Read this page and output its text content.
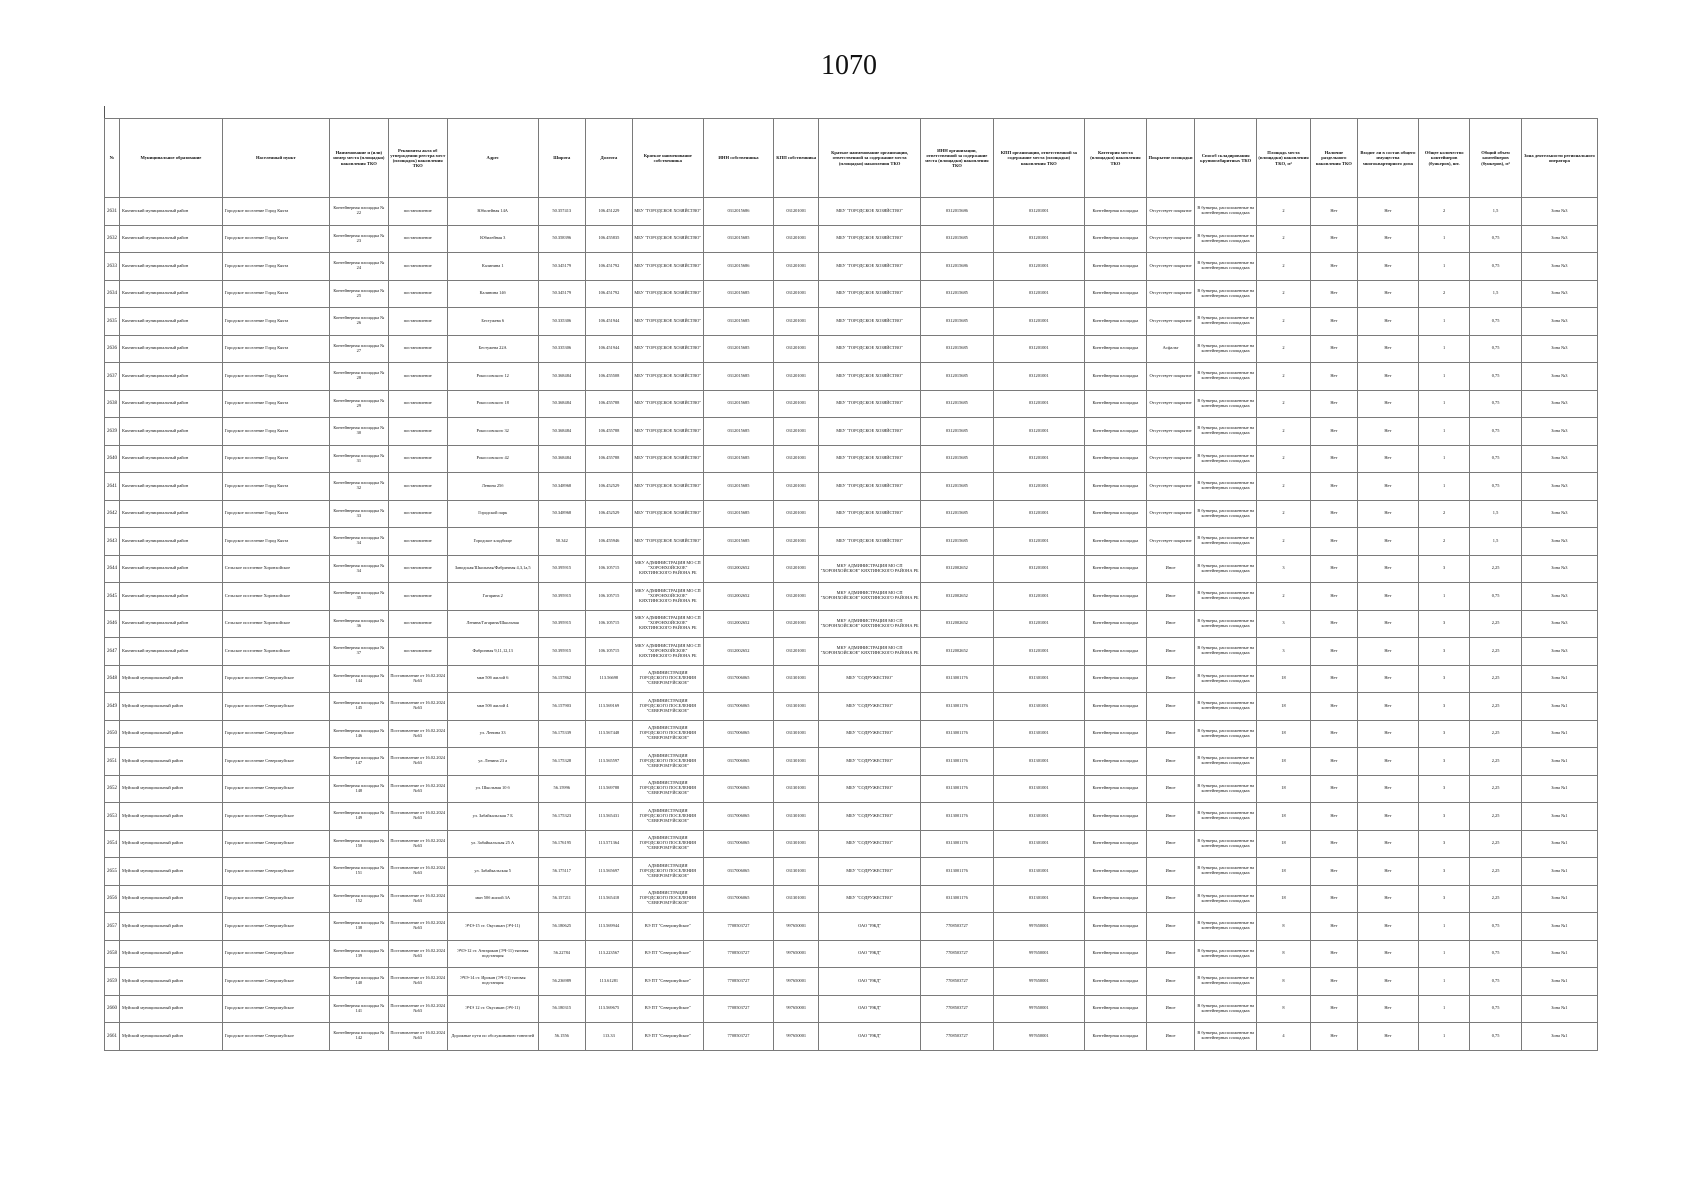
1070
№	Муниципальное образование	Населенный пункт	Наименование и (или) номер места (площадки) накопления ТКО	Реквизиты акта об утверждении реестра мест (площадок) накопления ТКО	Адрес	Широта	Долгота	Краткое наименование собственника	ИНН собственника	КПП собственника	Краткое наименование организации, ответственной за содержание места (площадки) накопления ТКО	ИНН организации, ответственной за содержание места (площадки) накопления ТКО	КПП организации, ответственной за содержание места (площадки) накопления ТКО	Категория места (площадки) накопления ТКО	Покрытие площадки	Способ складирования крупногабаритных ТКО	Площадь места (площадки) накопления ТКО, м²	Наличие раздельного накопления ТКО	Входит ли в состав общего имущества многоквартирного дома	Общее количество контейнеров (бункеров), шт.	Общий объем контейнеров (бункеров), м³	Зона деятельности регионального оператора
2631	Кяхтинский муниципальный район	Городское поселение Город Кяхта	Контейнерная площадка № 22	постановление	Юбилейная 14А	50.357413	106.451229	МБУ "ГОРОДСКОЕ ХОЗЯЙСТВО"	0312015686	031201001	МБУ "ГОРОДСКОЕ ХОЗЯЙСТВО"	0312015686	031201001	Контейнерная площадка	Отсутствует покрытие	В бункеры, расположенные на контейнерных площадках	2	Нет	Нет	2	1,5	Зона №3
2632	Кяхтинский муниципальный район	Городское поселение Город Кяхта	Контейнерная площадка № 23	постановление	Юбилейная 3	50.358396	106.455835	МБУ "ГОРОДСКОЕ ХОЗЯЙСТВО"	0312015685	031201001	МБУ "ГОРОДСКОЕ ХОЗЯЙСТВО"	0312015685	031201001	Контейнерная площадка	Отсутствует покрытие	В бункеры, расположенные на контейнерных площадках	2	Нет	Нет	1	0,75	Зона №3
2633	Кяхтинский муниципальный район	Городское поселение Город Кяхта	Контейнерная площадка № 24	постановление	Калинина 1	50.345179	106.451792	МБУ "ГОРОДСКОЕ ХОЗЯЙСТВО"	0312015686	031201001	МБУ "ГОРОДСКОЕ ХОЗЯЙСТВО"	0312015686	031201001	Контейнерная площадка	Отсутствует покрытие	В бункеры, расположенные на контейнерных площадках	2	Нет	Нет	1	0,75	Зона №3
2634	Кяхтинский муниципальный район	Городское поселение Город Кяхта	Контейнерная площадка № 25	постановление	Калинина 14б	50.345179	106.451792	МБУ "ГОРОДСКОЕ ХОЗЯЙСТВО"	0312015685	031201001	МБУ "ГОРОДСКОЕ ХОЗЯЙСТВО"	0312015685	031201001	Контейнерная площадка	Отсутствует покрытие	В бункеры, расположенные на контейнерных площадках	2	Нет	Нет	2	1,5	Зона №3
2635	Кяхтинский муниципальный район	Городское поселение Город Кяхта	Контейнерная площадка № 26	постановление	Бестужева 6	50.335306	106.451944	МБУ "ГОРОДСКОЕ ХОЗЯЙСТВО"	0312015685	031201001	МБУ "ГОРОДСКОЕ ХОЗЯЙСТВО"	0312015685	031201001	Контейнерная площадка	Отсутствует покрытие	В бункеры, расположенные на контейнерных площадках	2	Нет	Нет	1	0,75	Зона №3
2636	Кяхтинский муниципальный район	Городское поселение Город Кяхта	Контейнерная площадка № 27	постановление	Бестужева 22А	50.335306	106.451944	МБУ "ГОРОДСКОЕ ХОЗЯЙСТВО"	0312015685	031201001	МБУ "ГОРОДСКОЕ ХОЗЯЙСТВО"	0312015685	031201001	Контейнерная площадка	Асфальт	В бункеры, расположенные на контейнерных площадках	2	Нет	Нет	1	0,75	Зона №3
2637	Кяхтинский муниципальный район	Городское поселение Город Кяхта	Контейнерная площадка № 28	постановление	Рокоссовского 12	50.368484	106.455508	МБУ "ГОРОДСКОЕ ХОЗЯЙСТВО"	0312015685	031201001	МБУ "ГОРОДСКОЕ ХОЗЯЙСТВО"	0312015685	031201001	Контейнерная площадка	Отсутствует покрытие	В бункеры, расположенные на контейнерных площадках	2	Нет	Нет	1	0,75	Зона №3
2638	Кяхтинский муниципальный район	Городское поселение Город Кяхта	Контейнерная площадка № 29	постановление	Рокоссовского 18	50.368484	106.455788	МБУ "ГОРОДСКОЕ ХОЗЯЙСТВО"	0312015685	031201001	МБУ "ГОРОДСКОЕ ХОЗЯЙСТВО"	0312015685	031201001	Контейнерная площадка	Отсутствует покрытие	В бункеры, расположенные на контейнерных площадках	2	Нет	Нет	1	0,75	Зона №3
2639	Кяхтинский муниципальный район	Городское поселение Город Кяхта	Контейнерная площадка № 30	постановление	Рокоссовского 32	50.368484	106.455788	МБУ "ГОРОДСКОЕ ХОЗЯЙСТВО"	0312015685	031201001	МБУ "ГОРОДСКОЕ ХОЗЯЙСТВО"	0312015685	031201001	Контейнерная площадка	Отсутствует покрытие	В бункеры, расположенные на контейнерных площадках	2	Нет	Нет	1	0,75	Зона №3
2640	Кяхтинский муниципальный район	Городское поселение Город Кяхта	Контейнерная площадка № 31	постановление	Рокоссовского 42	50.368484	106.455788	МБУ "ГОРОДСКОЕ ХОЗЯЙСТВО"	0312015685	031201001	МБУ "ГОРОДСКОЕ ХОЗЯЙСТВО"	0312015685	031201001	Контейнерная площадка	Отсутствует покрытие	В бункеры, расположенные на контейнерных площадках	2	Нет	Нет	1	0,75	Зона №3
2641	Кяхтинский муниципальный район	Городское поселение Город Кяхта	Контейнерная площадка № 32	постановление	Ленина 25б	50.348968	106.452529	МБУ "ГОРОДСКОЕ ХОЗЯЙСТВО"	0312015685	031201001	МБУ "ГОРОДСКОЕ ХОЗЯЙСТВО"	0312015685	031201001	Контейнерная площадка	Отсутствует покрытие	В бункеры, расположенные на контейнерных площадках	2	Нет	Нет	1	0,75	Зона №3
2642	Кяхтинский муниципальный район	Городское поселение Город Кяхта	Контейнерная площадка № 33	постановление	Городской парк	50.348968	106.452529	МБУ "ГОРОДСКОЕ ХОЗЯЙСТВО"	0312015685	031201001	МБУ "ГОРОДСКОЕ ХОЗЯЙСТВО"	0312015685	031201001	Контейнерная площадка	Отсутствует покрытие	В бункеры, расположенные на контейнерных площадках	2	Нет	Нет	2	1,5	Зона №3
2643	Кяхтинский муниципальный район	Городское поселение Город Кяхта	Контейнерная площадка № 34	постановление	Городское кладбище	50.342	106.455946	МБУ "ГОРОДСКОЕ ХОЗЯЙСТВО"	0312015685	031201001	МБУ "ГОРОДСКОЕ ХОЗЯЙСТВО"	0312015685	031201001	Контейнерная площадка	Отсутствует покрытие	В бункеры, расположенные на контейнерных площадках	2	Нет	Нет	2	1,5	Зона №3
2644	Кяхтинский муниципальный район	Сельское поселение Хоронхойское	Контейнерная площадка № 34	постановление	Заводская/Школьная/Фабричная 4,3,1а,5	50.395915	106.105715	МКУ АДМИНИСТРАЦИЯ МО СП "ХОРОНХОЙСКОЕ" КЯХТИНСКОГО РАЙОНА РБ	0312002652	031201001	МКУ АДМИНИСТРАЦИЯ МО СП "ХОРОНХОЙСКОЕ" КЯХТИНСКОГО РАЙОНА РБ	0312002652	031201001	Контейнерная площадка	Иное	В бункеры, расположенные на контейнерных площадках	3	Нет	Нет	3	2,25	Зона №3
2645	Кяхтинский муниципальный район	Сельское поселение Хоронхойское	Контейнерная площадка № 35	постановление	Гагарина 2	50.395915	106.105715	МКУ АДМИНИСТРАЦИЯ МО СП "ХОРОНХОЙСКОЕ" КЯХТИНСКОГО РАЙОНА РБ	0312002652	031201001	МКУ АДМИНИСТРАЦИЯ МО СП "ХОРОНХОЙСКОЕ" КЯХТИНСКОГО РАЙОНА РБ	0312002652	031201001	Контейнерная площадка	Иное	В бункеры, расположенные на контейнерных площадках	2	Нет	Нет	1	0,75	Зона №3
2646	Кяхтинский муниципальный район	Сельское поселение Хоронхойское	Контейнерная площадка № 36	постановление	Ленина/Гагарина/Школьная	50.395915	106.105715	МКУ АДМИНИСТРАЦИЯ МО СП "ХОРОНХОЙСКОЕ" КЯХТИНСКОГО РАЙОНА РБ	0312002652	031201001	МКУ АДМИНИСТРАЦИЯ МО СП "ХОРОНХОЙСКОЕ" КЯХТИНСКОГО РАЙОНА РБ	0312002652	031201001	Контейнерная площадка	Иное	В бункеры, расположенные на контейнерных площадках	3	Нет	Нет	3	2,25	Зона №3
2647	Кяхтинский муниципальный район	Сельское поселение Хоронхойское	Контейнерная площадка № 37	постановление	Фабричная 9,11,12,13	50.395915	106.105715	МКУ АДМИНИСТРАЦИЯ МО СП "ХОРОНХОЙСКОЕ" КЯХТИНСКОГО РАЙОНА РБ	0312002652	031201001	МКУ АДМИНИСТРАЦИЯ МО СП "ХОРОНХОЙСКОЕ" КЯХТИНСКОГО РАЙОНА РБ	0312002652	031201001	Контейнерная площадка	Иное	В бункеры, расположенные на контейнерных площадках	3	Нет	Нет	3	2,25	Зона №3
2648	Муйский муниципальный район	Городское поселение Северомуйское	Контейнерная площадка № 144	Постановление от 16.02.2024 №63	мкн 50б жилой 6	56.157862	113.56698	АДМИНИСТРАЦИЯ ГОРОДСКОГО ПОСЕЛЕНИЯ "СЕВЕРОМУЙСКОЕ"	0317006065	031301001	МБУ "СОДРУЖЕСТВО"	0313001176	031301001	Контейнерная площадка	Иное	В бункеры, расположенные на контейнерных площадках	18	Нет	Нет	3	2,25	Зона №1
2649	Муйский муниципальный район	Городское поселение Северомуйское	Контейнерная площадка № 145	Постановление от 16.02.2024 №63	мкн 50б жилой 4	56.157903	113.569169	АДМИНИСТРАЦИЯ ГОРОДСКОГО ПОСЕЛЕНИЯ "СЕВЕРОМУЙСКОЕ"	0317006065	031301001	МБУ "СОДРУЖЕСТВО"	0313001176	031301001	Контейнерная площадка	Иное	В бункеры, расположенные на контейнерных площадках	18	Нет	Нет	3	2,25	Зона №1
2650	Муйский муниципальный район	Городское поселение Северомуйское	Контейнерная площадка № 146	Постановление от 16.02.2024 №63	ул. Ленина 33	56.175339	113.567448	АДМИНИСТРАЦИЯ ГОРОДСКОГО ПОСЕЛЕНИЯ "СЕВЕРОМУЙСКОЕ"	0317006065	031301001	МБУ "СОДРУЖЕСТВО"	0313001176	031301001	Контейнерная площадка	Иное	В бункеры, расположенные на контейнерных площадках	18	Нет	Нет	3	2,25	Зона №1
2651	Муйский муниципальный район	Городское поселение Северомуйское	Контейнерная площадка № 147	Постановление от 16.02.2024 №63	ул. Ленина 23 а	56.175328	113.565597	АДМИНИСТРАЦИЯ ГОРОДСКОГО ПОСЕЛЕНИЯ "СЕВЕРОМУЙСКОЕ"	0317006065	031301001	МБУ "СОДРУЖЕСТВО"	0313001176	031301001	Контейнерная площадка	Иное	В бункеры, расположенные на контейнерных площадках	18	Нет	Нет	3	2,25	Зона №1
2652	Муйский муниципальный район	Городское поселение Северомуйское	Контейнерная площадка № 148	Постановление от 16.02.2024 №63	ул. Школьная 10 б	56.15996	113.569788	АДМИНИСТРАЦИЯ ГОРОДСКОГО ПОСЕЛЕНИЯ "СЕВЕРОМУЙСКОЕ"	0317006065	031301001	МБУ "СОДРУЖЕСТВО"	0313001176	031301001	Контейнерная площадка	Иное	В бункеры, расположенные на контейнерных площадках	18	Нет	Нет	3	2,25	Зона №1
2653	Муйский муниципальный район	Городское поселение Северомуйское	Контейнерная площадка № 149	Постановление от 16.02.2024 №63	ул. Забайкальская 7 Б	56.175323	113.565431	АДМИНИСТРАЦИЯ ГОРОДСКОГО ПОСЕЛЕНИЯ "СЕВЕРОМУЙСКОЕ"	0317006065	031301001	МБУ "СОДРУЖЕСТВО"	0313001176	031301001	Контейнерная площадка	Иное	В бункеры, расположенные на контейнерных площадках	18	Нет	Нет	3	2,25	Зона №1
2654	Муйский муниципальный район	Городское поселение Северомуйское	Контейнерная площадка № 150	Постановление от 16.02.2024 №63	ул. Забайкальская 25 А	56.176195	113.571364	АДМИНИСТРАЦИЯ ГОРОДСКОГО ПОСЕЛЕНИЯ "СЕВЕРОМУЙСКОЕ"	0317006065	031301001	МБУ "СОДРУЖЕСТВО"	0313001176	031301001	Контейнерная площадка	Иное	В бункеры, расположенные на контейнерных площадках	18	Нет	Нет	3	2,25	Зона №1
2655	Муйский муниципальный район	Городское поселение Северомуйское	Контейнерная площадка № 151	Постановление от 16.02.2024 №63	ул. Забайкальская 5	56.175117	113.565697	АДМИНИСТРАЦИЯ ГОРОДСКОГО ПОСЕЛЕНИЯ "СЕВЕРОМУЙСКОЕ"	0317006065	031301001	МБУ "СОДРУЖЕСТВО"	0313001176	031301001	Контейнерная площадка	Иное	В бункеры, расположенные на контейнерных площадках	18	Нет	Нет	3	2,25	Зона №1
2656	Муйский муниципальный район	Городское поселение Северомуйское	Контейнерная площадка № 152	Постановление от 16.02.2024 №63	мкн 50б жилой 3А	56.157211	113.565418	АДМИНИСТРАЦИЯ ГОРОДСКОГО ПОСЕЛЕНИЯ "СЕВЕРОМУЙСКОЕ"	0317006065	031301001	МБУ "СОДРУЖЕСТВО"	0313001176	031301001	Контейнерная площадка	Иное	В бункеры, расположенные на контейнерных площадках	18	Нет	Нет	3	2,25	Зона №1
2657	Муйский муниципальный район	Городское поселение Северомуйское	Контейнерная площадка № 138	Постановление от 16.02.2024 №63	ЭЧЭ-15 ст. Окусикан (ЭЧ-11)	56.180625	113.569944	ВЭ ПТ "Северомуйское"	7708503727	997650001	ОАО "РЖД"	7708503727	997650001	Контейнерная площадка	Иное	В бункеры, расположенные на контейнерных площадках	8	Нет	Нет	1	0,75	Зона №1
2658	Муйский муниципальный район	Городское поселение Северомуйское	Контейнерная площадка № 139	Постановление от 16.02.2024 №63	ЭЧЭ-12 ст. Ангаракан (ЭЧ-11) тяговая подстанция	56.22784	113.223567	ВЭ ПТ "Северомуйское"	7708503727	997650001	ОАО "РЖД"	7708503727	997650001	Контейнерная площадка	Иное	В бункеры, расположенные на контейнерных площадках	8	Нет	Нет	1	0,75	Зона №1
2659	Муйский муниципальный район	Городское поселение Северомуйское	Контейнерная площадка № 140	Постановление от 16.02.2024 №63	ЭЧЭ-14 ст. Ирокан (ЭЧ-11) тяговая подстанция	56.236989	113.61281	ВЭ ПТ "Северомуйское"	7708503727	997650001	ОАО "РЖД"	7708503727	997650001	Контейнерная площадка	Иное	В бункеры, расположенные на контейнерных площадках	8	Нет	Нет	1	0,75	Зона №1
2660	Муйский муниципальный район	Городское поселение Северомуйское	Контейнерная площадка № 141	Постановление от 16.02.2024 №63	ЭЧЭ 12 ст. Окусикан (ЭЧ-11)	56.180315	113.569675	ВЭ ПТ "Северомуйское"	7708503727	997650001	ОАО "РЖД"	7708503727	997650001	Контейнерная площадка	Иное	В бункеры, расположенные на контейнерных площадках	8	Нет	Нет	1	0,75	Зона №1
2661	Муйский муниципальный район	Городское поселение Северомуйское	Контейнерная площадка № 142	Постановление от 16.02.2024 №63	Дорожные пути по обслуживанию тоннелей	56.1556	113.33	ВЭ ПТ "Северомуйское"	7708503727	997650001	ОАО "РЖД"	7708503727	997650001	Контейнерная площадка	Иное	В бункеры, расположенные на контейнерных площадках	4	Нет	Нет	1	0,75	Зона №1
